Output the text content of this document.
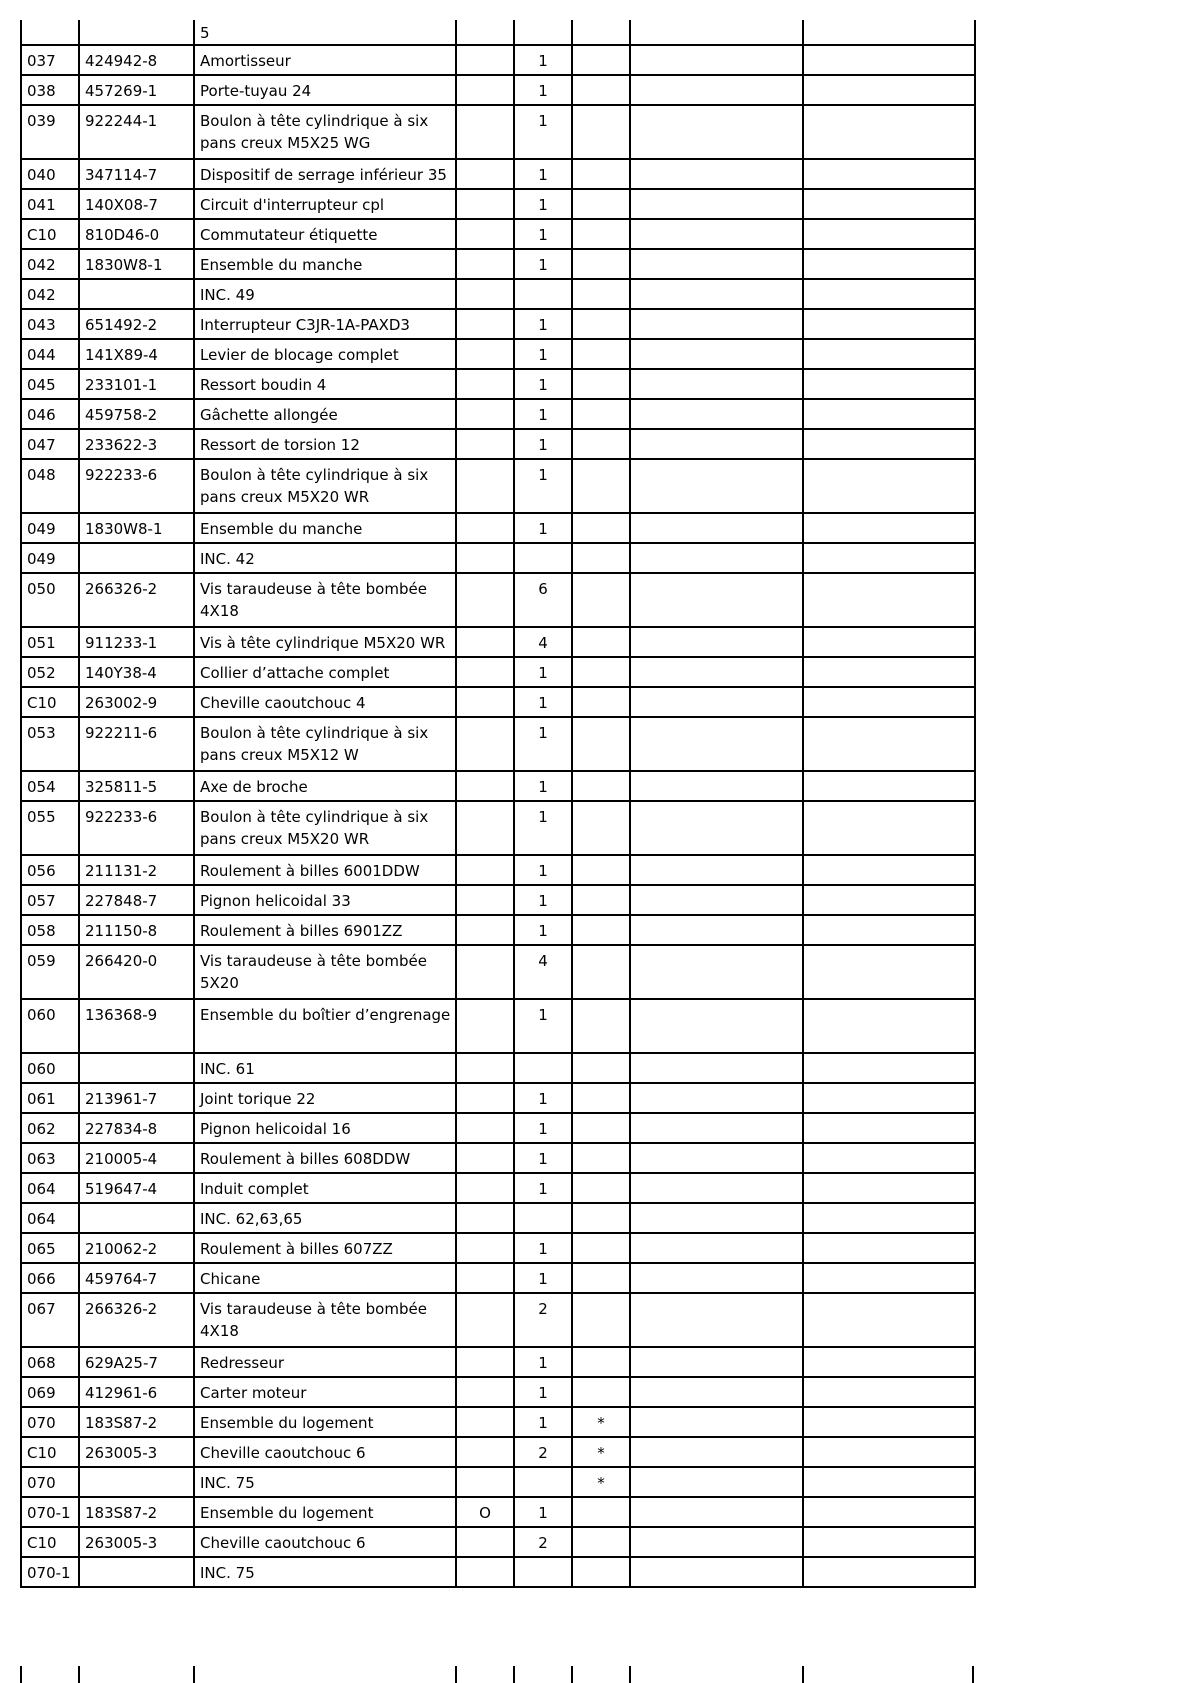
		5					
037	424942-8	Amortisseur		1			
038	457269-1	Porte-tuyau 24		1			
039	922244-1	Boulon à tête cylindrique à six pans creux M5X25 WG		1			
040	347114-7	Dispositif de serrage inférieur 35		1			
041	140X08-7	Circuit d'interrupteur cpl		1			
C10	810D46-0	Commutateur étiquette		1			
042	1830W8-1	Ensemble du manche		1			
042		INC. 49					
043	651492-2	Interrupteur C3JR-1A-PAXD3		1			
044	141X89-4	Levier de blocage complet		1			
045	233101-1	Ressort boudin 4		1			
046	459758-2	Gâchette allongée		1			
047	233622-3	Ressort de torsion 12		1			
048	922233-6	Boulon à tête cylindrique à six pans creux M5X20 WR		1			
049	1830W8-1	Ensemble du manche		1			
049		INC. 42					
050	266326-2	Vis taraudeuse à tête bombée 4X18		6			
051	911233-1	Vis à tête cylindrique M5X20 WR		4			
052	140Y38-4	Collier d’attache complet		1			
C10	263002-9	Cheville caoutchouc 4		1			
053	922211-6	Boulon à tête cylindrique à six pans creux M5X12 W		1			
054	325811-5	Axe de broche		1			
055	922233-6	Boulon à tête cylindrique à six pans creux M5X20 WR		1			
056	211131-2	Roulement à billes 6001DDW		1			
057	227848-7	Pignon helicoidal 33		1			
058	211150-8	Roulement à billes 6901ZZ		1			
059	266420-0	Vis taraudeuse à tête bombée 5X20		4			
060	136368-9	Ensemble du boîtier d’engrenage		1			
060		INC. 61					
061	213961-7	Joint torique 22		1			
062	227834-8	Pignon helicoidal 16		1			
063	210005-4	Roulement à billes 608DDW		1			
064	519647-4	Induit complet		1			
064		INC. 62,63,65					
065	210062-2	Roulement à billes 607ZZ		1			
066	459764-7	Chicane		1			
067	266326-2	Vis taraudeuse à tête bombée 4X18		2			
068	629A25-7	Redresseur		1			
069	412961-6	Carter moteur		1			
070	183S87-2	Ensemble du logement		1	*		
C10	263005-3	Cheville caoutchouc 6		2	*		
070		INC. 75			*		
070-1	183S87-2	Ensemble du logement	O	1			
C10	263005-3	Cheville caoutchouc 6		2			
070-1		INC. 75					
